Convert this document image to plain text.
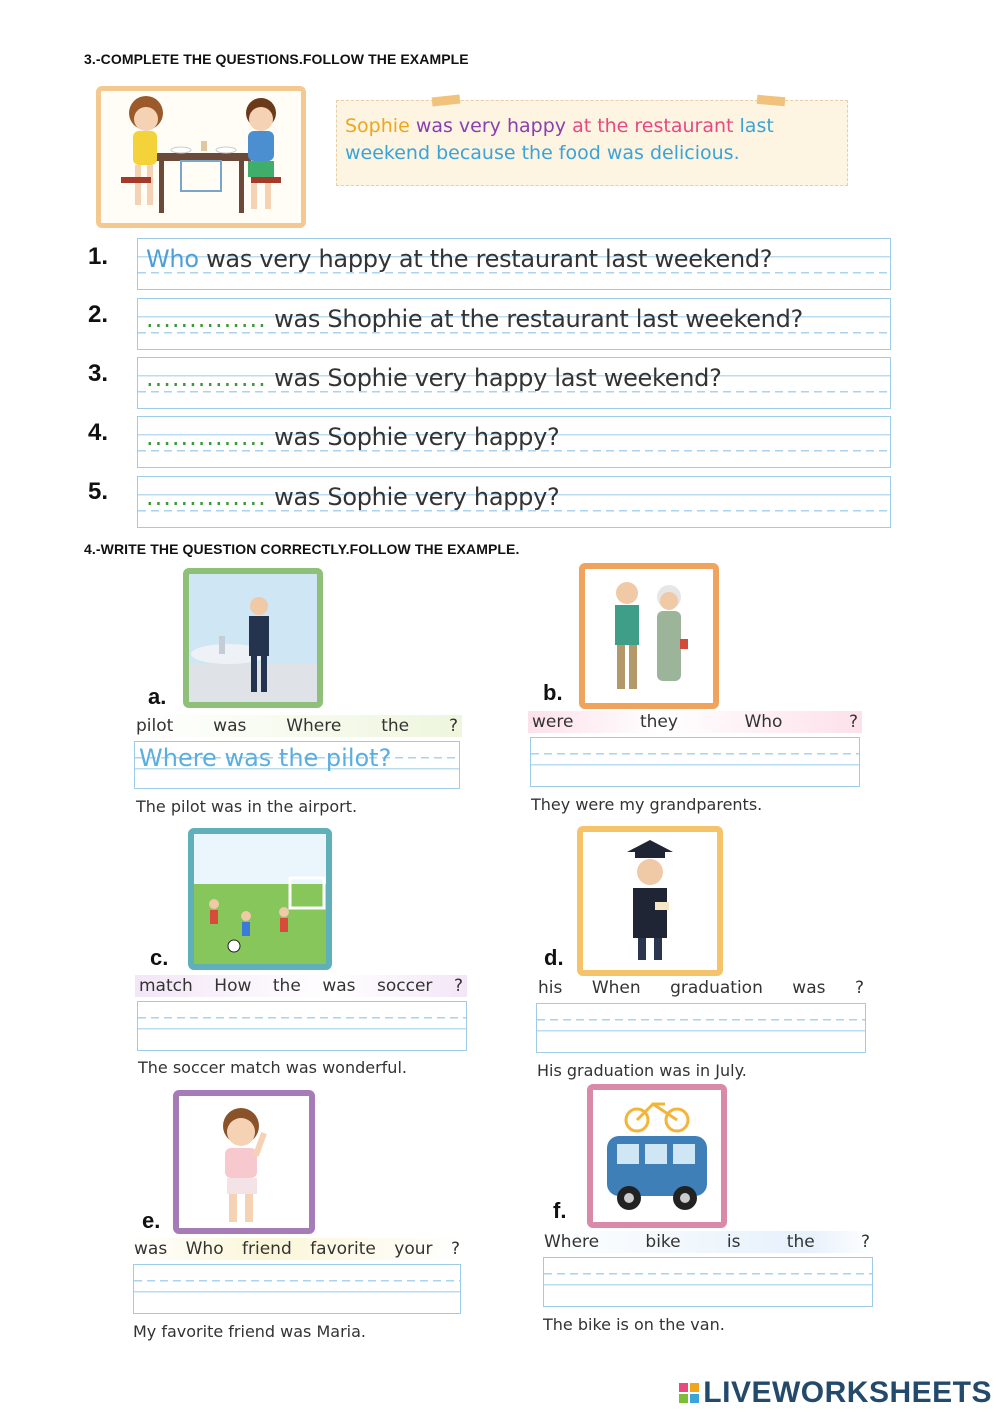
3.-COMPLETE THE QUESTIONS.FOLLOW THE EXAMPLE
Sophie was very happy at the restaurant last
weekend because the food was delicious.
1. Who was very happy at the restaurant last weekend?
2. .............. was Shophie at the restaurant last weekend?
3. .............. was Sophie very happy last weekend?
4. .............. was Sophie very happy?
5. .............. was Sophie very happy?
4.-WRITE THE QUESTION CORRECTLY.FOLLOW THE EXAMPLE.
a.
pilot was Where the ?
Where was the pilot?
The pilot was in the airport.
b.
were	they	Who	?
They were my grandparents.
c.
match How the was soccer ?
The soccer match was wonderful.
d.
his When graduation was ?
His graduation was in July.
e.
was Who friend favorite your ?
My favorite friend was Maria.
f.
Where	bike	is	the	?
The bike is on the van.
LIVEWORKSHEETS
